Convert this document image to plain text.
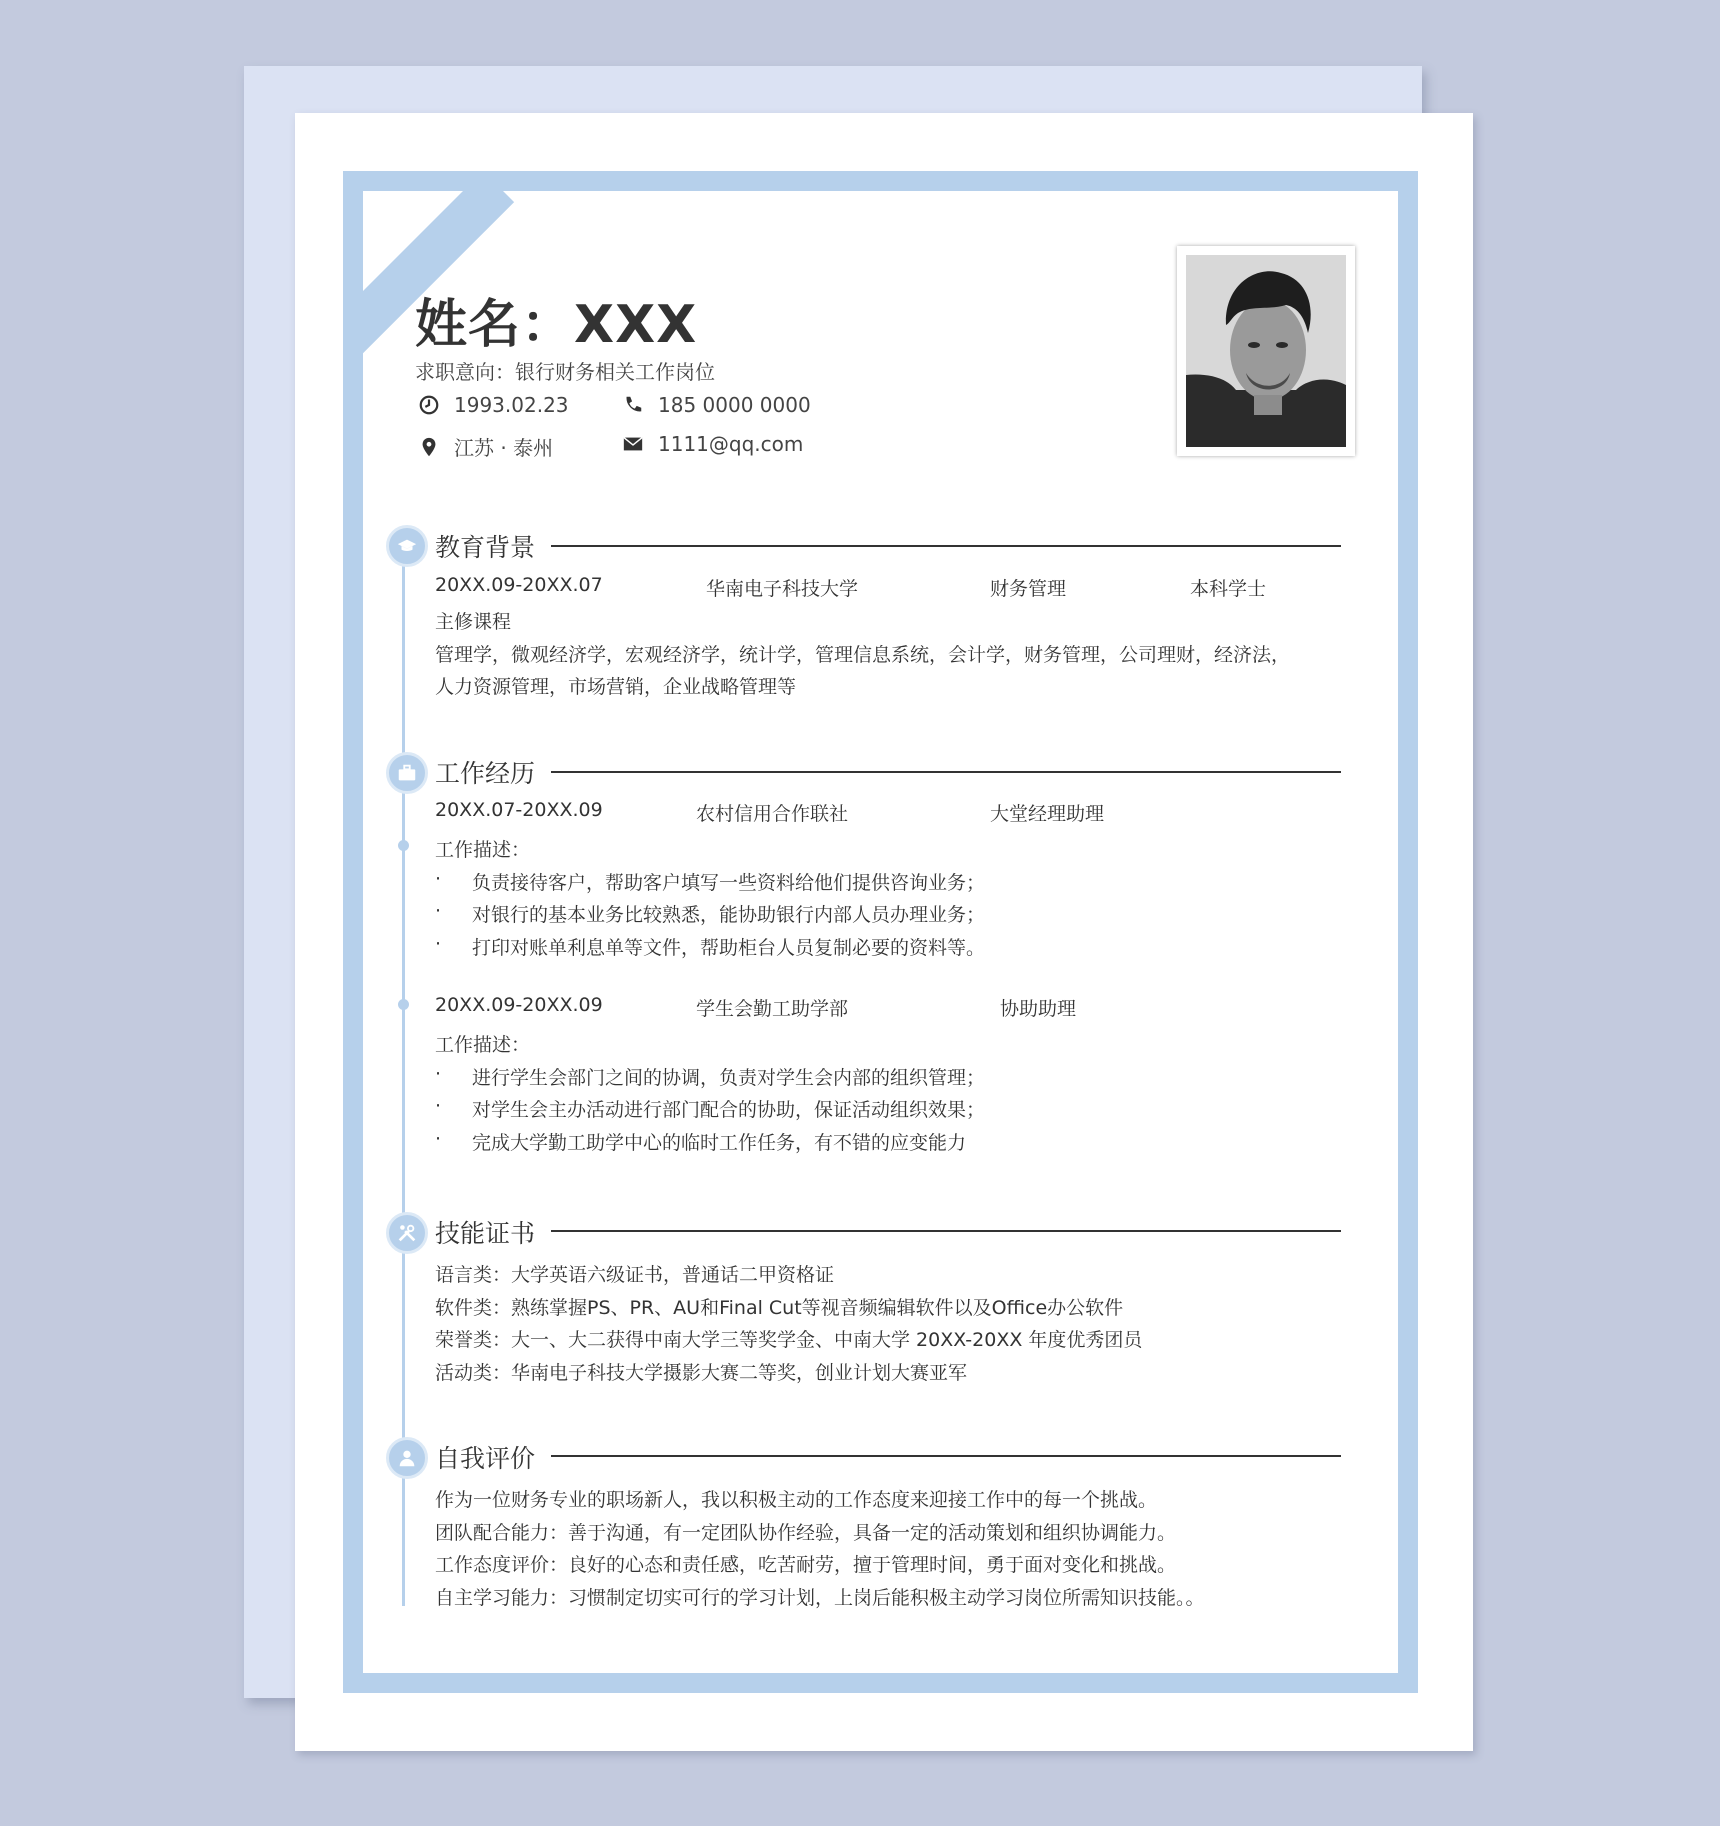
姓名：XXX
求职意向：银行财务相关工作岗位
1993.02.23	185 0000 0000
江苏 · 泰州	1111@qq.com
教育背景
20XX.09-20XX.07	华南电子科技大学	财务管理	本科学士
主修课程
管理学，微观经济学，宏观经济学，统计学，管理信息系统，会计学，财务管理，公司理财，经济法，
人力资源管理，市场营销，企业战略管理等
工作经历
20XX.07-20XX.09	农村信用合作联社	大堂经理助理
工作描述：
· 负责接待客户，帮助客户填写一些资料给他们提供咨询业务；
· 对银行的基本业务比较熟悉，能协助银行内部人员办理业务；
· 打印对账单利息单等文件，帮助柜台人员复制必要的资料等。
20XX.09-20XX.09	学生会勤工助学部	协助助理
工作描述：
· 进行学生会部门之间的协调，负责对学生会内部的组织管理；
· 对学生会主办活动进行部门配合的协助，保证活动组织效果；
· 完成大学勤工助学中心的临时工作任务，有不错的应变能力
技能证书
语言类：大学英语六级证书，普通话二甲资格证
软件类：熟练掌握PS、PR、AU和Final Cut等视音频编辑软件以及Office办公软件
荣誉类：大一、大二获得中南大学三等奖学金、中南大学 20XX-20XX 年度优秀团员
活动类：华南电子科技大学摄影大赛二等奖，创业计划大赛亚军
自我评价
作为一位财务专业的职场新人，我以积极主动的工作态度来迎接工作中的每一个挑战。
团队配合能力：善于沟通，有一定团队协作经验，具备一定的活动策划和组织协调能力。
工作态度评价：良好的心态和责任感，吃苦耐劳，擅于管理时间，勇于面对变化和挑战。
自主学习能力：习惯制定切实可行的学习计划，上岗后能积极主动学习岗位所需知识技能。。
